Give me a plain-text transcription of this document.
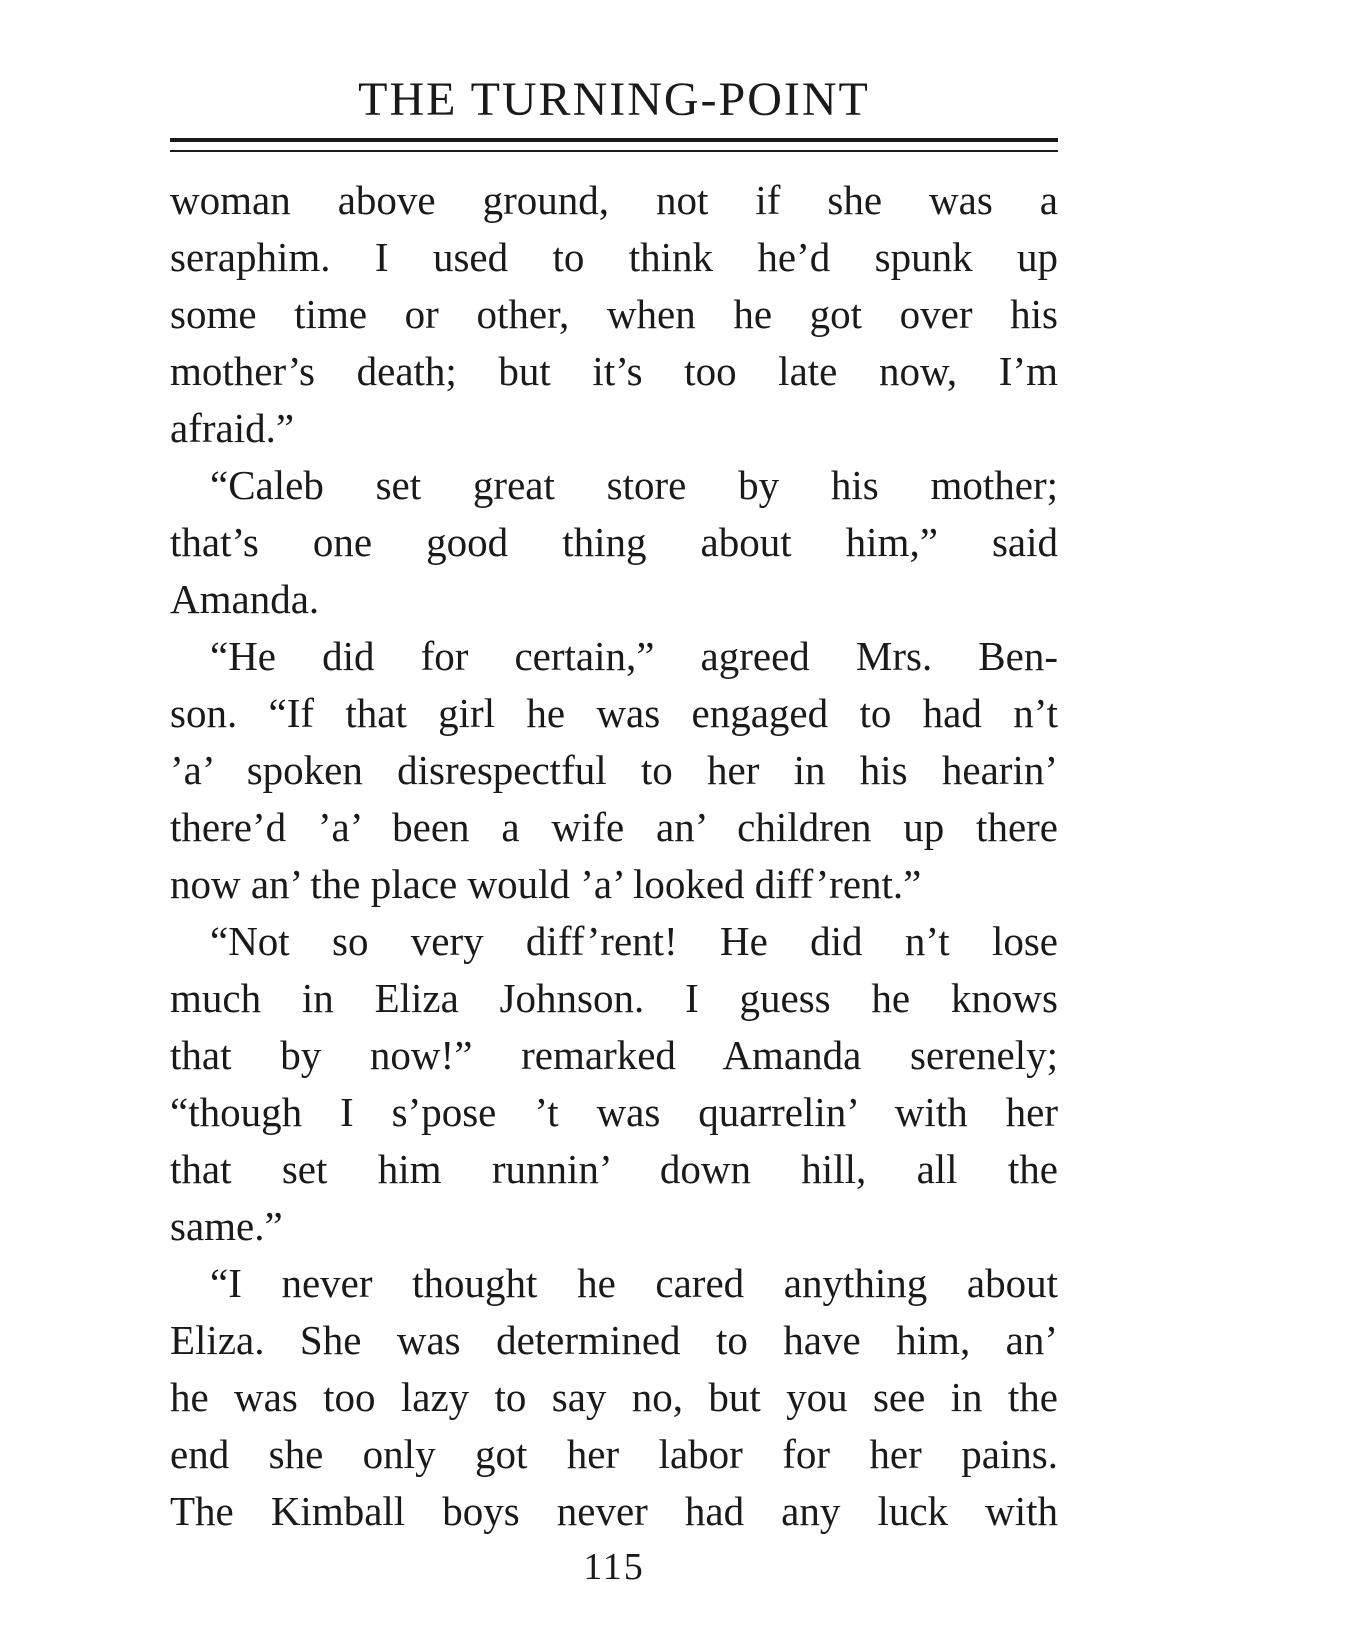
THE TURNING-POINT
woman above ground, not if she was a
seraphim. I used to think he’d spunk up
some time or other, when he got over his
mother’s death; but it’s too late now, I’m
afraid.”
“Caleb set great store by his mother;
that’s one good thing about him,” said
Amanda.
“He did for certain,” agreed Mrs. Ben-
son. “If that girl he was engaged to had n’t
’a’ spoken disrespectful to her in his hearin’
there’d ’a’ been a wife an’ children up there
now an’ the place would ’a’ looked diff’rent.”
“Not so very diff’rent! He did n’t lose
much in Eliza Johnson. I guess he knows
that by now!” remarked Amanda serenely;
“though I s’pose ’t was quarrelin’ with her
that set him runnin’ down hill, all the
same.”
“I never thought he cared anything about
Eliza. She was determined to have him, an’
he was too lazy to say no, but you see in the
end she only got her labor for her pains.
The Kimball boys never had any luck with
115
